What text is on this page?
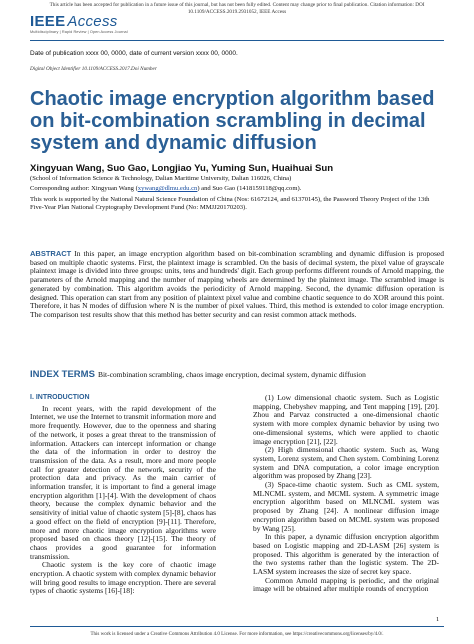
This article has been accepted for publication in a future issue of this journal, but has not been fully edited. Content may change prior to final publication. Citation information: DOI
10.1109/ACCESS.2019.2931052, IEEE Access
IEEE Access
Multidisciplinary | Rapid Review | Open Access Journal
Date of publication xxxx 00, 0000, date of current version xxxx 00, 0000.
Digital Object Identifier 10.1109/ACCESS.2017.Doi Number
Chaotic image encryption algorithm based on bit-combination scrambling in decimal system and dynamic diffusion
Xingyuan Wang, Suo Gao, Longjiao Yu, Yuming Sun, Huaihuai Sun
(School of Information Science & Technology, Dalian Maritime University, Dalian 116026, China)
Corresponding author: Xingyuan Wang (xywang@dlmu.edu.cn) and Suo Gao (1418159118@qq.com).
This work is supported by the National Natural Science Foundation of China (Nos: 61672124, and 61370145), the Password Theory Project of the 13th Five-Year Plan National Cryptography Development Fund (No: MMJJ20170203).

ABSTRACT In this paper, an image encryption algorithm based on bit-combination scrambling and dynamic diffusion is proposed based on multiple chaotic systems. First, the plaintext image is scrambled. On the basis of decimal system, the pixel value of grayscale plaintext image is divided into three groups: units, tens and hundreds' digit. Each group performs different rounds of Arnold mapping, the parameters of the Arnold mapping and the number of mapping wheels are determined by the plaintext image. The scrambled image is generated by combination. This algorithm avoids the periodicity of Arnold mapping. Second, the dynamic diffusion operation is designed. This operation can start from any position of plaintext pixel value and combine chaotic sequence to do XOR around this point. Therefore, it has N modes of diffusion where N is the number of pixel values. Third, this method is extended to color image encryption. The comparison test results show that this method has better security and can resist common attack methods.

INDEX TERMS Bit-combination scrambling, chaos image encryption, decimal system, dynamic diffusion
I. INTRODUCTION

In recent years, with the rapid development of the Internet, we use the Internet to transmit information more and more frequently. However, due to the openness and sharing of the network, it poses a great threat to the transmission of information. Attackers can intercept information or change the data of the information in order to destroy the transmission of the data. As a result, more and more people call for greater detection of the network, security of the protection data and privacy. As the main carrier of information transfer, it is important to find a general image encryption algorithm [1]-[4]. With the development of chaos theory, because the complex dynamic behavior and the sensitivity of initial value of chaotic system [5]-[8], chaos has a good effect on the field of encryption [9]-[11]. Therefore, more and more chaotic image encryption algorithms were proposed based on chaos theory [12]-[15]. The theory of chaos provides a good guarantee for information transmission.

Chaotic system is the key core of chaotic image encryption. A chaotic system with complex dynamic behavior will bring good results to image encryption. There are several types of chaotic systems [16]-[18]:

(1) Low dimensional chaotic system. Such as Logistic mapping, Chebyshev mapping, and Tent mapping [19], [20]. Zhou and Parvaz constructed a one-dimensional chaotic system with more complex dynamic behavior by using two one-dimensional systems, which were applied to chaotic image encryption [21], [22].

(2) High dimensional chaotic system. Such as, Wang system, Lorenz system, and Chen system. Combining Lorenz system and DNA computation, a color image encryption algorithm was proposed by Zhang [23].

(3) Space-time chaotic system. Such as CML system, MLNCML system, and MCML system. A symmetric image encryption algorithm based on MLNCML system was proposed by Zhang [24]. A nonlinear diffusion image encryption algorithm based on MCML system was proposed by Wang [25].

In this paper, a dynamic diffusion encryption algorithm based on Logistic mapping and 2D-LASM [26] system is proposed. This algorithm is generated by the interaction of the two systems rather than the logistic system. The 2D-LASM system increases the size of secret key space.

Common Arnold mapping is periodic, and the original image will be obtained after multiple rounds of encryption

1
This work is licensed under a Creative Commons Attribution 4.0 License. For more information, see https://creativecommons.org/licenses/by/4.0/.
